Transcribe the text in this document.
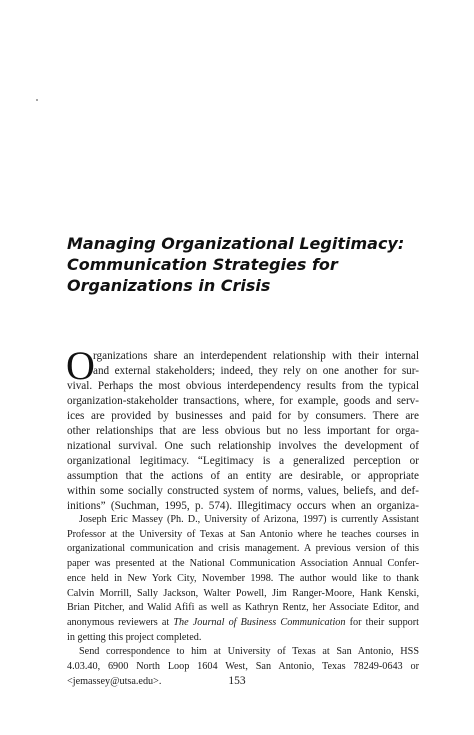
Managing Organizational Legitimacy:
Communication Strategies for
Organizations in Crisis
O
rganizations share an interdependent relationship with their internal
and external stakeholders; indeed, they rely on one another for sur-
vival. Perhaps the most obvious interdependency results from the typical
organization-stakeholder transactions, where, for example, goods and serv-
ices are provided by businesses and paid for by consumers. There are
other relationships that are less obvious but no less important for orga-
nizational survival. One such relationship involves the development of
organizational legitimacy. “Legitimacy is a generalized perception or
assumption that the actions of an entity are desirable, or appropriate
within some socially constructed system of norms, values, beliefs, and def-
initions” (Suchman, 1995, p. 574). Illegitimacy occurs when an organiza-
Joseph Eric Massey (Ph. D., University of Arizona, 1997) is currently Assistant
Professor at the University of Texas at San Antonio where he teaches courses in
organizational communication and crisis management. A previous version of this
paper was presented at the National Communication Association Annual Confer-
ence held in New York City, November 1998. The author would like to thank
Calvin Morrill, Sally Jackson, Walter Powell, Jim Ranger-Moore, Hank Kenski,
Brian Pitcher, and Walid Afifi as well as Kathryn Rentz, her Associate Editor, and
anonymous reviewers at The Journal of Business Communication for their support
in getting this project completed.
Send correspondence to him at University of Texas at San Antonio, HSS
4.03.40, 6900 North Loop 1604 West, San Antonio, Texas 78249-0643 or
<jemassey@utsa.edu>.	153
